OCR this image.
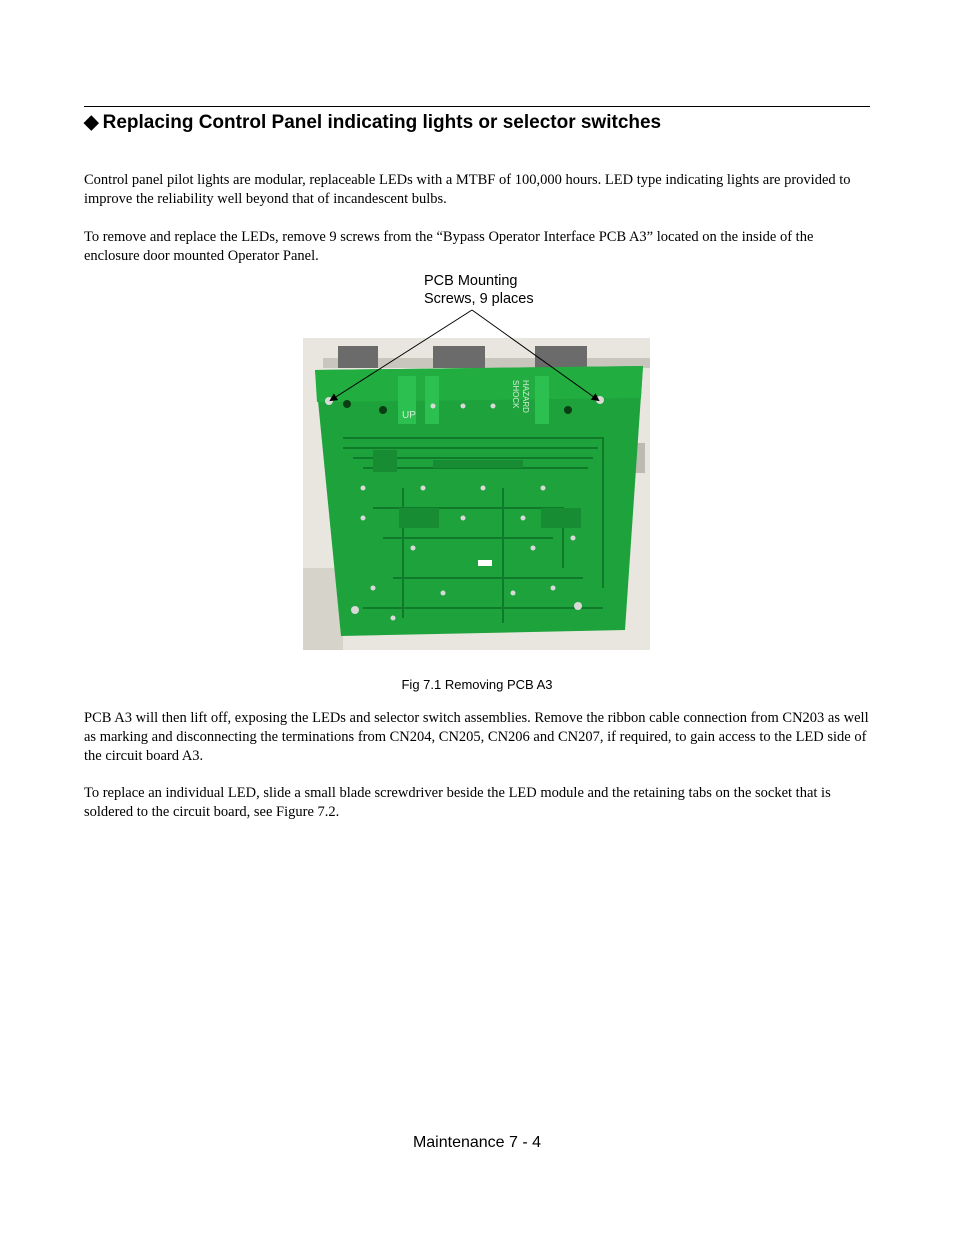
◆ Replacing Control Panel indicating lights or selector switches

Control panel pilot lights are modular, replaceable LEDs with a MTBF of 100,000 hours. LED type indicating lights are provided to improve the reliability well beyond that of incandescent bulbs.

To remove and replace the LEDs, remove 9 screws from the “Bypass Operator Interface PCB A3” located on the inside of the enclosure door mounted Operator Panel.

PCB Mounting
Screws, 9 places
UP
SHOCK HAZARD
Fig 7.1 Removing PCB A3

PCB A3 will then lift off, exposing the LEDs and selector switch assemblies. Remove the ribbon cable connection from CN203 as well as marking and disconnecting the terminations from CN204, CN205, CN206 and CN207, if required, to gain access to the LED side of the circuit board A3.

To replace an individual LED, slide a small blade screwdriver beside the LED module and the retaining tabs on the socket that is soldered to the circuit board, see Figure 7.2.

Maintenance 7 - 4
